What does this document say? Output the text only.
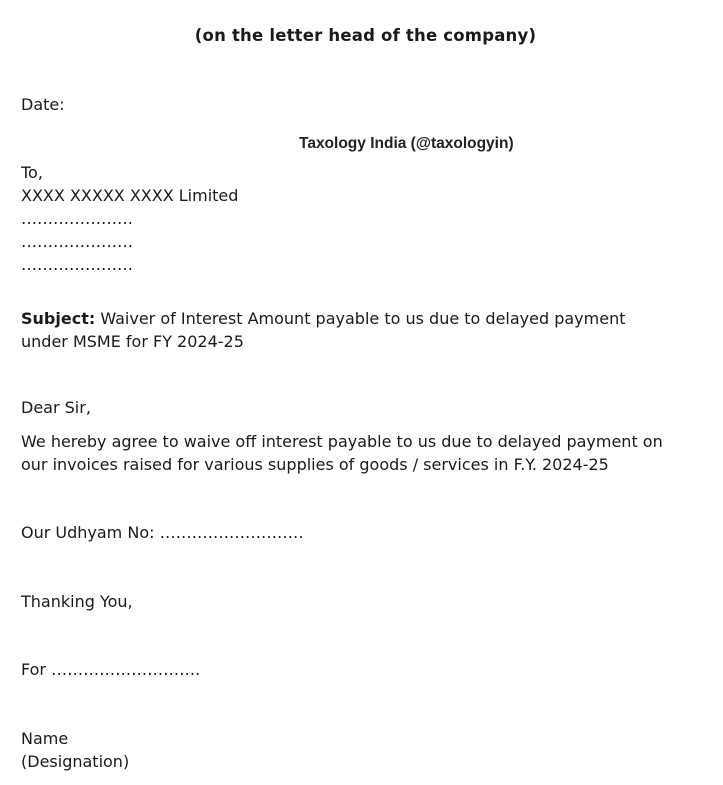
(on the letter head of the company)
Date:
Taxology India (@taxologyin)
To,
XXXX XXXXX XXXX Limited
…………………
…………………
…………………
Subject: Waiver of Interest Amount payable to us due to delayed payment
under MSME for FY 2024-25
Dear Sir,
We hereby agree to waive off interest payable to us due to delayed payment on
our invoices raised for various supplies of goods / services in F.Y. 2024-25
Our Udhyam No: ………………………
Thanking You,
For ……………………….
Name
(Designation)
